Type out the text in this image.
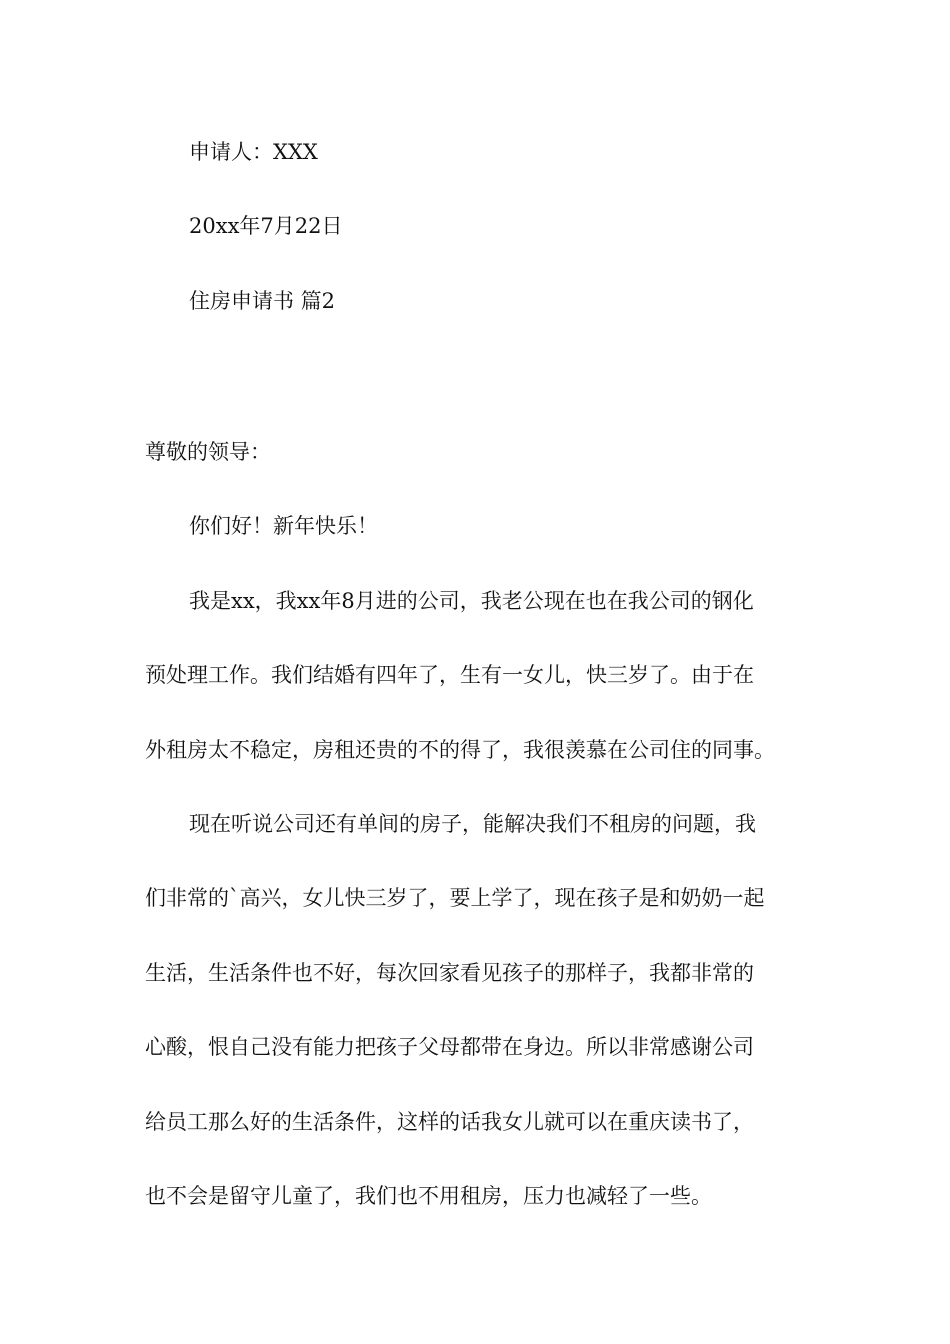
申请人：XXX

20xx年7月22日

住房申请书 篇2

尊敬的领导：

你们好！新年快乐！

我是xx，我xx年8月进的公司，我老公现在也在我公司的钢化

预处理工作。我们结婚有四年了，生有一女儿，快三岁了。由于在

外租房太不稳定，房租还贵的不的得了，我很羡慕在公司住的同事。

现在听说公司还有单间的房子，能解决我们不租房的问题，我

们非常的`高兴，女儿快三岁了，要上学了，现在孩子是和奶奶一起

生活，生活条件也不好，每次回家看见孩子的那样子，我都非常的

心酸，恨自己没有能力把孩子父母都带在身边。所以非常感谢公司

给员工那么好的生活条件，这样的话我女儿就可以在重庆读书了，

也不会是留守儿童了，我们也不用租房，压力也减轻了一些。
